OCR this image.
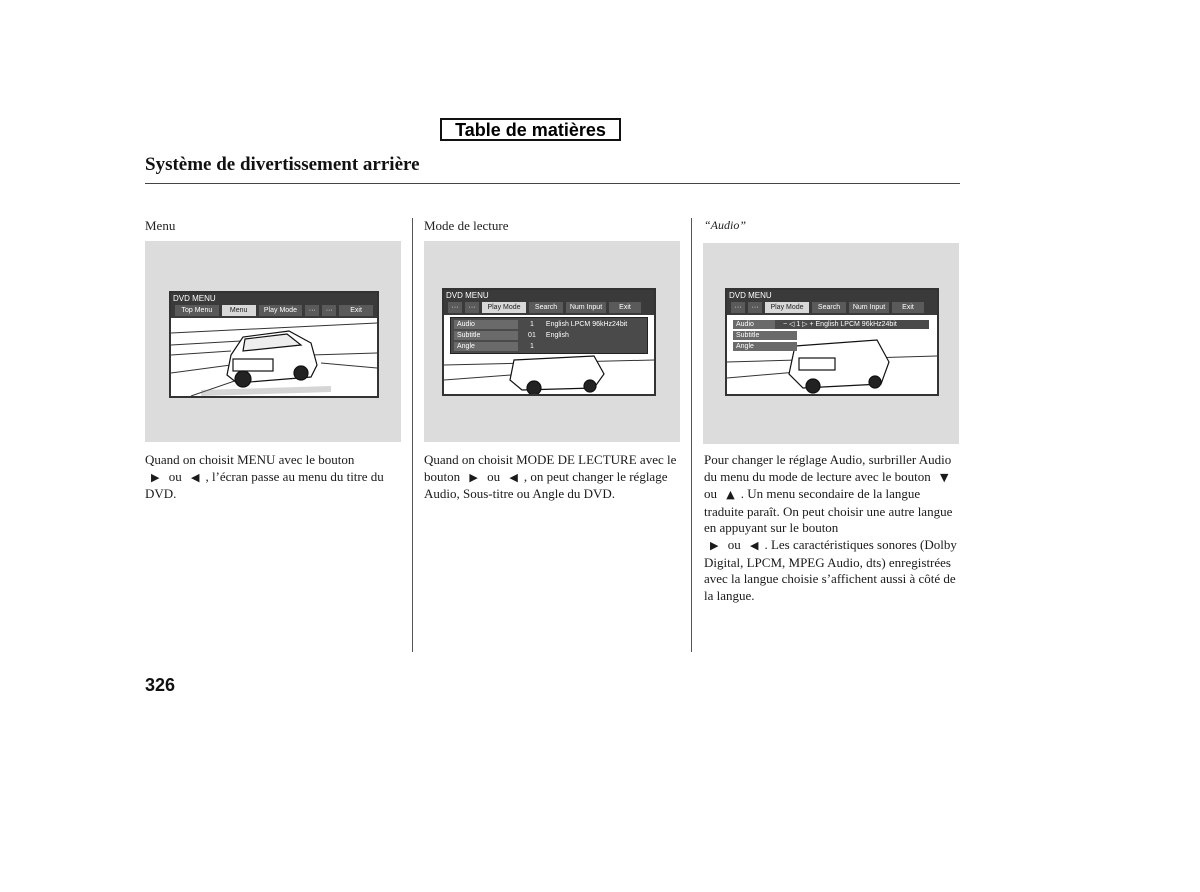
Table de matières
Système de divertissement arrière
Menu
DVD MENU
Top Menu	Menu	Play Mode	···	···	Exit
Quand on choisit MENU avec le bouton
▶ ou ◀ , l’écran passe au menu du titre du DVD.
Mode de lecture
DVD MENU
···	···	Play Mode	Search	Num Input	Exit
Audio	1 English LPCM 96kHz24bit
Subtitle	01 English
Angle	1
Quand on choisit MODE DE LECTURE avec le bouton ▶ ou ◀ , on peut changer le réglage Audio, Sous-titre ou Angle du DVD.
“Audio”
DVD MENU
···	···	Play Mode	Search	Num Input	Exit
Audio	− ◁ 1 ▷ + English LPCM 96kHz24bit
Subtitle
Angle
Pour changer le réglage Audio, surbriller Audio du menu du mode de lecture avec le bouton ▼ ou ▲ . Un menu secondaire de la langue traduite paraît. On peut choisir une autre langue en appuyant sur le bouton
▶ ou ◀ . Les caractéristiques sonores (Dolby Digital, LPCM, MPEG Audio, dts) enregistrées avec la langue choisie s’affichent aussi à côté de la langue.
326
